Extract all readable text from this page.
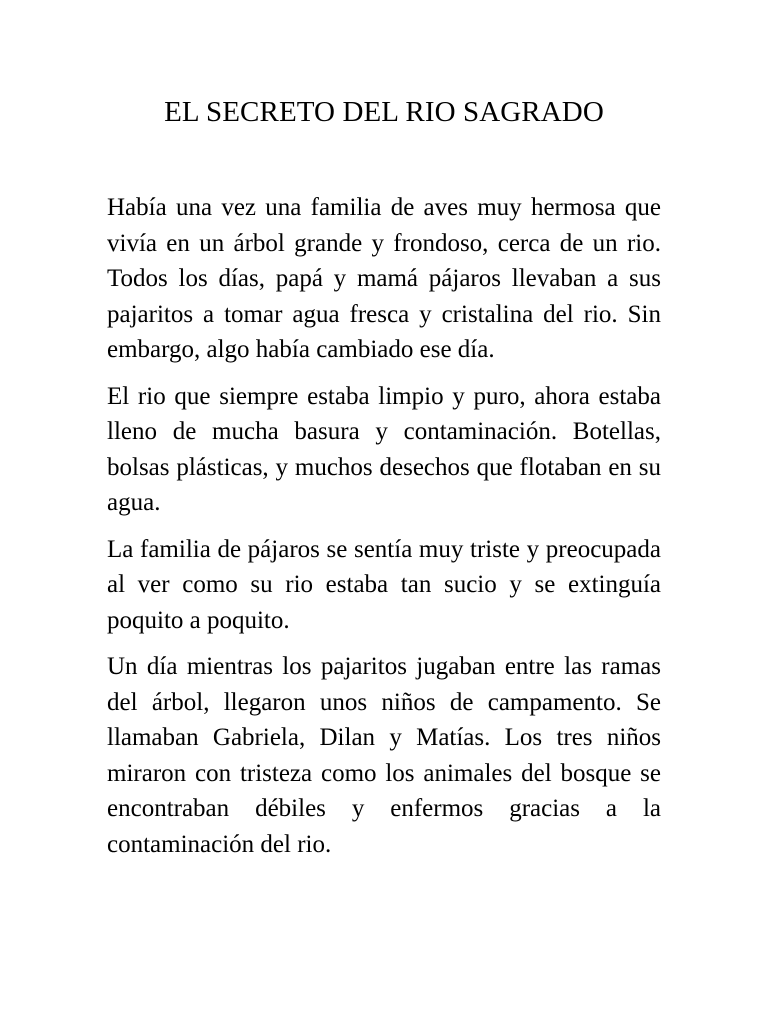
EL SECRETO DEL RIO SAGRADO

Había una vez una familia de aves muy hermosa que vivía en un árbol grande y frondoso, cerca de un rio. Todos los días, papá y mamá pájaros llevaban a sus pajaritos a tomar agua fresca y cristalina del rio. Sin embargo, algo había cambiado ese día.

El rio que siempre estaba limpio y puro, ahora estaba lleno de mucha basura y contaminación. Botellas, bolsas plásticas, y muchos desechos que flotaban en su agua.

La familia de pájaros se sentía muy triste y preocupada al ver como su rio estaba tan sucio y se extinguía poquito a poquito.

Un día mientras los pajaritos jugaban entre las ramas del árbol, llegaron unos niños de campamento. Se llamaban Gabriela, Dilan y Matías. Los tres niños miraron con tristeza como los animales del bosque se encontraban débiles y enfermos gracias a la contaminación del rio.
